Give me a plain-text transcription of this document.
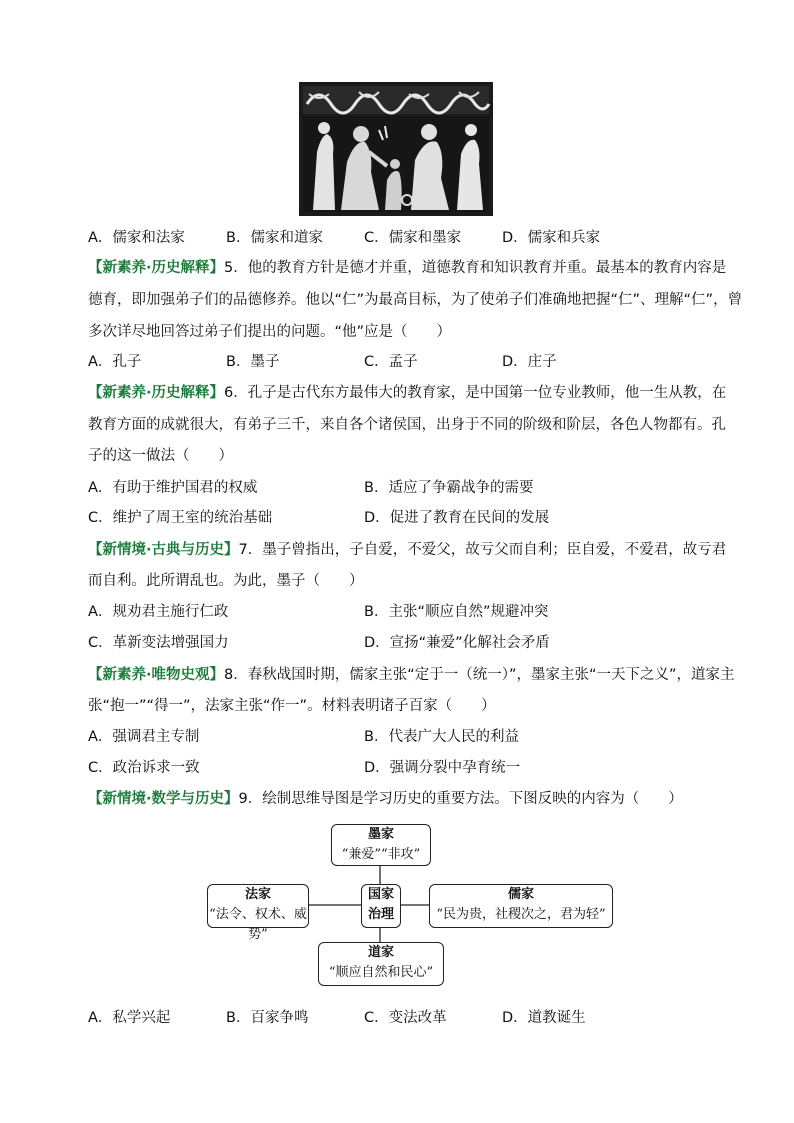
A．儒家和法家	B．儒家和道家	C．儒家和墨家	D．儒家和兵家
【新素养·历史解释】5．他的教育方针是德才并重，道德教育和知识教育并重。最基本的教育内容是
德育，即加强弟子们的品德修养。他以“仁”为最高目标，为了使弟子们准确地把握“仁”、理解“仁”，曾
多次详尽地回答过弟子们提出的问题。“他”应是（　　）
A．孔子	B．墨子	C．孟子	D．庄子
【新素养·历史解释】6．孔子是古代东方最伟大的教育家，是中国第一位专业教师，他一生从教，在
教育方面的成就很大，有弟子三千，来自各个诸侯国，出身于不同的阶级和阶层，各色人物都有。孔
子的这一做法（　　）
A．有助于维护国君的权威	B．适应了争霸战争的需要
C．维护了周王室的统治基础	D．促进了教育在民间的发展
【新情境·古典与历史】7．墨子曾指出，子自爱，不爱父，故亏父而自利；臣自爱，不爱君，故亏君
而自利。此所谓乱也。为此，墨子（　　）
A．规劝君主施行仁政	B．主张“顺应自然”规避冲突
C．革新变法增强国力	D．宣扬“兼爱”化解社会矛盾
【新素养·唯物史观】8．春秋战国时期，儒家主张“定于一（统一）”，墨家主张“一天下之义”，道家主
张“抱一”“得一”，法家主张“作一”。材料表明诸子百家（　　）
A．强调君主专制	B．代表广大人民的利益
C．政治诉求一致	D．强调分裂中孕育统一
【新情境·数学与历史】9．绘制思维导图是学习历史的重要方法。下图反映的内容为（　　）
墨家
“兼爱”“非攻”
国家
治理
法家
“法令、权术、威势”
儒家
“民为贵，社稷次之，君为轻”
道家
“顺应自然和民心”
A．私学兴起	B．百家争鸣	C．变法改革	D．道教诞生
